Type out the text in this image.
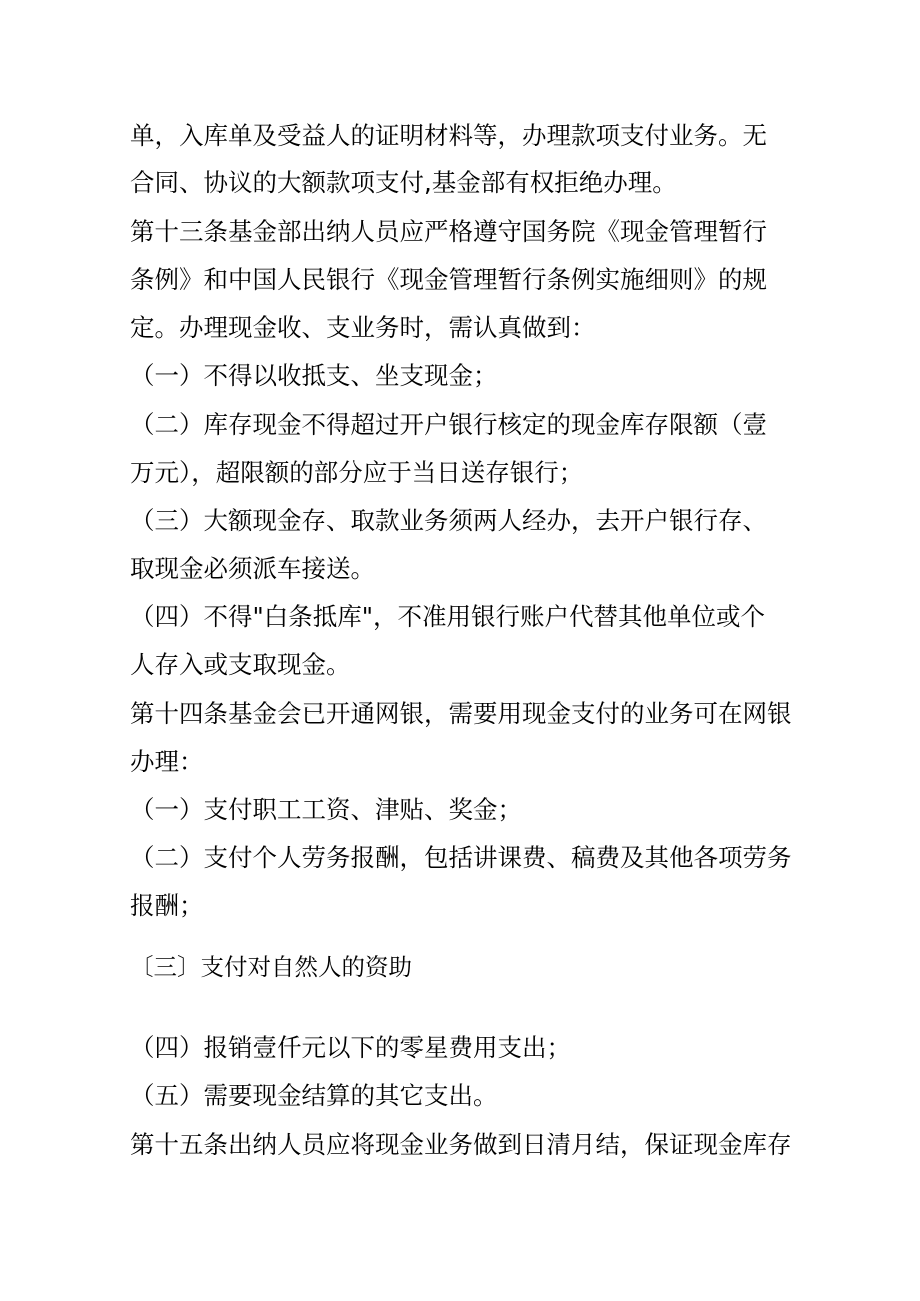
单，入库单及受益人的证明材料等，办理款项支付业务。无
合同、协议的大额款项支付,基金部有权拒绝办理。
第十三条基金部出纳人员应严格遵守国务院《现金管理暂行
条例》和中国人民银行《现金管理暂行条例实施细则》的规
定。办理现金收、支业务时，需认真做到：
（一）不得以收抵支、坐支现金；
（二）库存现金不得超过开户银行核定的现金库存限额（壹
万元），超限额的部分应于当日送存银行；
（三）大额现金存、取款业务须两人经办，去开户银行存、
取现金必须派车接送。
（四）不得"白条抵库"，不准用银行账户代替其他单位或个
人存入或支取现金。
第十四条基金会已开通网银，需要用现金支付的业务可在网银
办理：
（一）支付职工工资、津贴、奖金；
（二）支付个人劳务报酬，包括讲课费、稿费及其他各项劳务
报酬；
〔三〕支付对自然人的资助
（四）报销壹仟元以下的零星费用支出；
（五）需要现金结算的其它支出。
第十五条出纳人员应将现金业务做到日清月结，保证现金库存
